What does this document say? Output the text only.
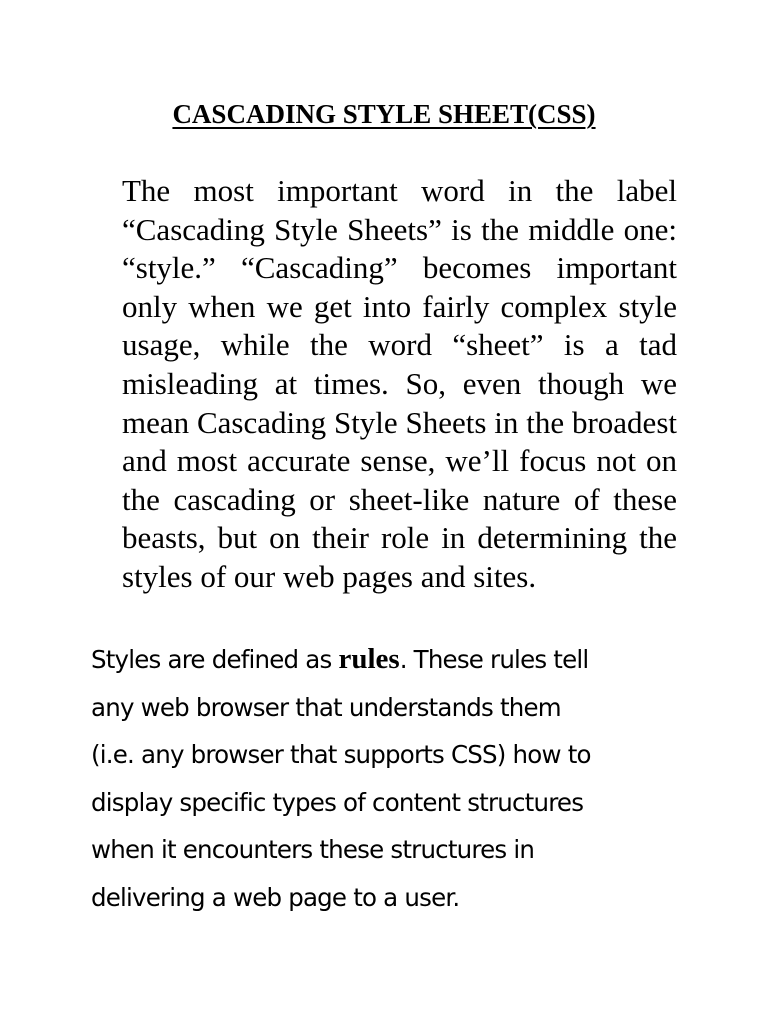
CASCADING STYLE SHEET(CSS)

The most important word in the label “Cascading Style Sheets” is the middle one: “style.” “Cascading” becomes important only when we get into fairly complex style usage, while the word “sheet” is a tad misleading at times. So, even though we mean Cascading Style Sheets in the broadest and most accurate sense, we’ll focus not on the cascading or sheet-like nature of these beasts, but on their role in determining the styles of our web pages and sites.

Styles are defined as rules. These rules tell
any web browser that understands them
(i.e. any browser that supports CSS) how to
display specific types of content structures
when it encounters these structures in
delivering a web page to a user.
